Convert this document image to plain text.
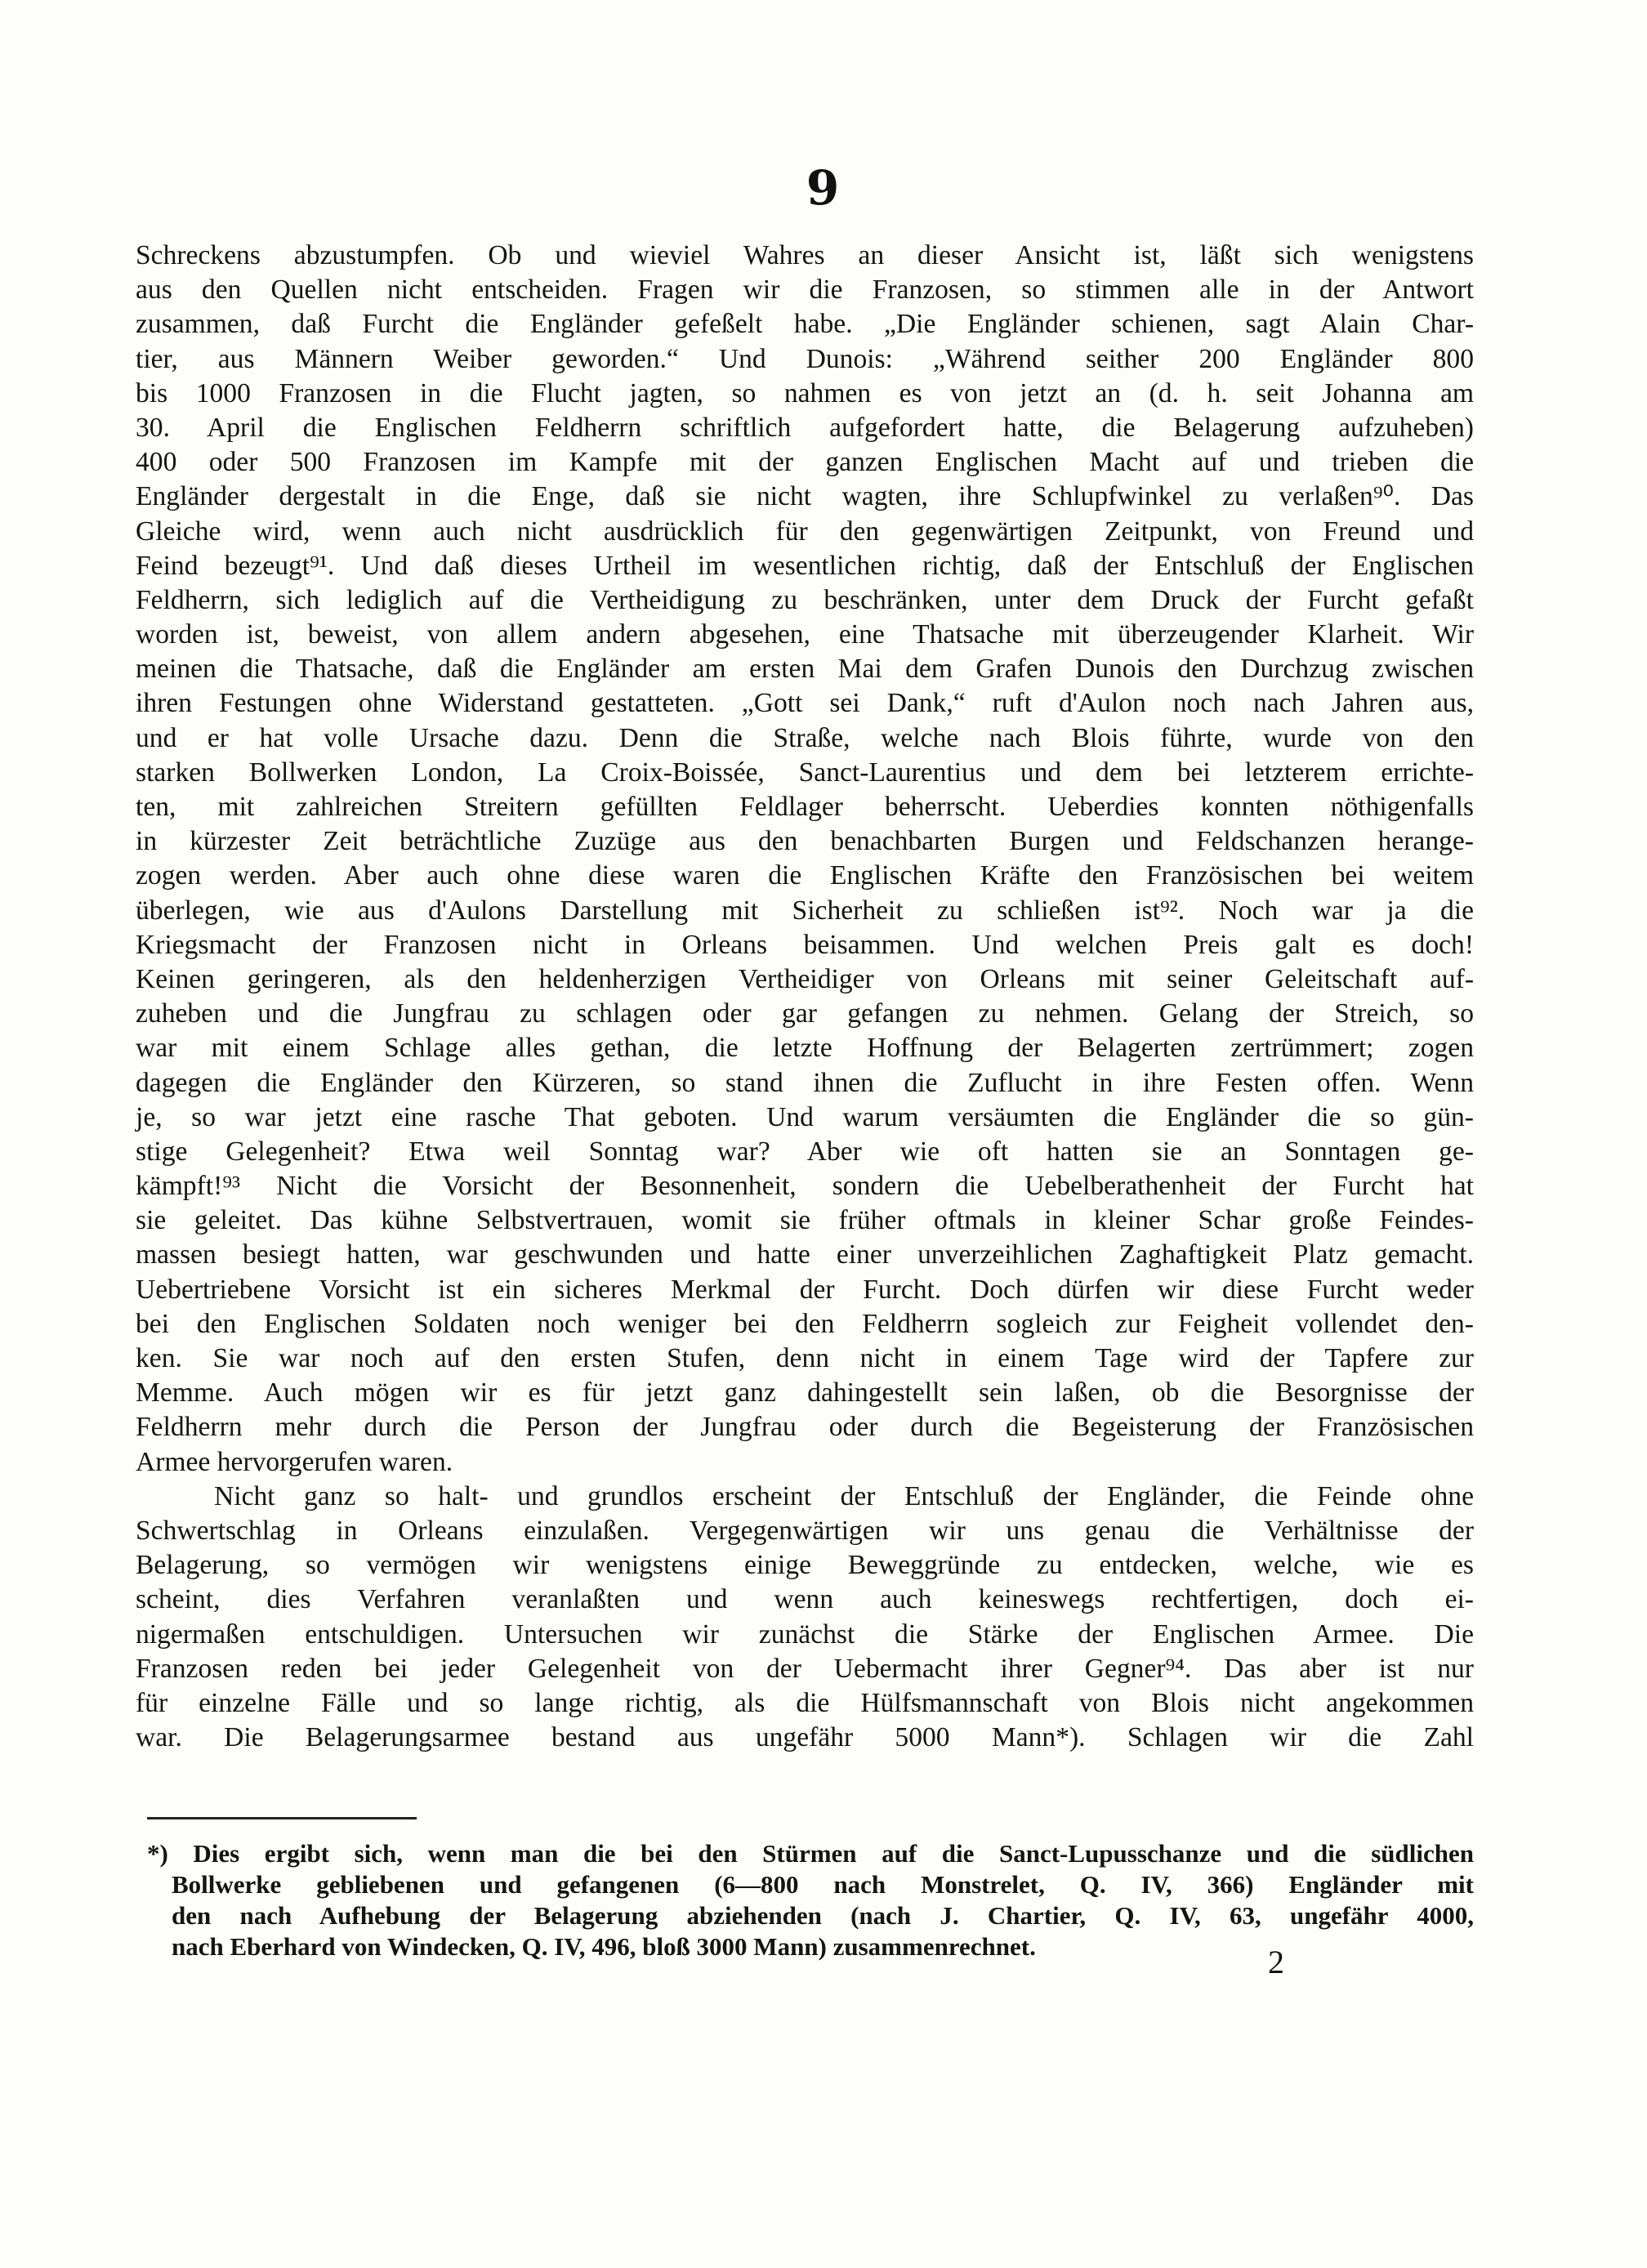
9
Schreckens abzustumpfen. Ob und wieviel Wahres an dieser Ansicht ist, läßt sich wenigstens
aus den Quellen nicht entscheiden. Fragen wir die Franzosen, so stimmen alle in der Antwort
zusammen, daß Furcht die Engländer gefeßelt habe. „Die Engländer schienen, sagt Alain Char-
tier, aus Männern Weiber geworden.“ Und Dunois: „Während seither 200 Engländer 800
bis 1000 Franzosen in die Flucht jagten, so nahmen es von jetzt an (d. h. seit Johanna am
30. April die Englischen Feldherrn schriftlich aufgefordert hatte, die Belagerung aufzuheben)
400 oder 500 Franzosen im Kampfe mit der ganzen Englischen Macht auf und trieben die
Engländer dergestalt in die Enge, daß sie nicht wagten, ihre Schlupfwinkel zu verlaßen⁹⁰. Das
Gleiche wird, wenn auch nicht ausdrücklich für den gegenwärtigen Zeitpunkt, von Freund und
Feind bezeugt⁹¹. Und daß dieses Urtheil im wesentlichen richtig, daß der Entschluß der Englischen
Feldherrn, sich lediglich auf die Vertheidigung zu beschränken, unter dem Druck der Furcht gefaßt
worden ist, beweist, von allem andern abgesehen, eine Thatsache mit überzeugender Klarheit. Wir
meinen die Thatsache, daß die Engländer am ersten Mai dem Grafen Dunois den Durchzug zwischen
ihren Festungen ohne Widerstand gestatteten. „Gott sei Dank,“ ruft d'Aulon noch nach Jahren aus,
und er hat volle Ursache dazu. Denn die Straße, welche nach Blois führte, wurde von den
starken Bollwerken London, La Croix-Boissée, Sanct-Laurentius und dem bei letzterem errichte-
ten, mit zahlreichen Streitern gefüllten Feldlager beherrscht. Ueberdies konnten nöthigenfalls
in kürzester Zeit beträchtliche Zuzüge aus den benachbarten Burgen und Feldschanzen herange-
zogen werden. Aber auch ohne diese waren die Englischen Kräfte den Französischen bei weitem
überlegen, wie aus d'Aulons Darstellung mit Sicherheit zu schließen ist⁹². Noch war ja die
Kriegsmacht der Franzosen nicht in Orleans beisammen. Und welchen Preis galt es doch!
Keinen geringeren, als den heldenherzigen Vertheidiger von Orleans mit seiner Geleitschaft auf-
zuheben und die Jungfrau zu schlagen oder gar gefangen zu nehmen. Gelang der Streich, so
war mit einem Schlage alles gethan, die letzte Hoffnung der Belagerten zertrümmert; zogen
dagegen die Engländer den Kürzeren, so stand ihnen die Zuflucht in ihre Festen offen. Wenn
je, so war jetzt eine rasche That geboten. Und warum versäumten die Engländer die so gün-
stige Gelegenheit? Etwa weil Sonntag war? Aber wie oft hatten sie an Sonntagen ge-
kämpft!⁹³ Nicht die Vorsicht der Besonnenheit, sondern die Uebelberathenheit der Furcht hat
sie geleitet. Das kühne Selbstvertrauen, womit sie früher oftmals in kleiner Schar große Feindes-
massen besiegt hatten, war geschwunden und hatte einer unverzeihlichen Zaghaftigkeit Platz gemacht.
Uebertriebene Vorsicht ist ein sicheres Merkmal der Furcht. Doch dürfen wir diese Furcht weder
bei den Englischen Soldaten noch weniger bei den Feldherrn sogleich zur Feigheit vollendet den-
ken. Sie war noch auf den ersten Stufen, denn nicht in einem Tage wird der Tapfere zur
Memme. Auch mögen wir es für jetzt ganz dahingestellt sein laßen, ob die Besorgnisse der
Feldherrn mehr durch die Person der Jungfrau oder durch die Begeisterung der Französischen
Armee hervorgerufen waren.
Nicht ganz so halt- und grundlos erscheint der Entschluß der Engländer, die Feinde ohne
Schwertschlag in Orleans einzulaßen. Vergegenwärtigen wir uns genau die Verhältnisse der
Belagerung, so vermögen wir wenigstens einige Beweggründe zu entdecken, welche, wie es
scheint, dies Verfahren veranlaßten und wenn auch keineswegs rechtfertigen, doch ei-
nigermaßen entschuldigen. Untersuchen wir zunächst die Stärke der Englischen Armee. Die
Franzosen reden bei jeder Gelegenheit von der Uebermacht ihrer Gegner⁹⁴. Das aber ist nur
für einzelne Fälle und so lange richtig, als die Hülfsmannschaft von Blois nicht angekommen
war. Die Belagerungsarmee bestand aus ungefähr 5000 Mann*). Schlagen wir die Zahl
*) Dies ergibt sich, wenn man die bei den Stürmen auf die Sanct-Lupusschanze und die südlichen
Bollwerke gebliebenen und gefangenen (6—800 nach Monstrelet, Q. IV, 366) Engländer mit
den nach Aufhebung der Belagerung abziehenden (nach J. Chartier, Q. IV, 63, ungefähr 4000,
nach Eberhard von Windecken, Q. IV, 496, bloß 3000 Mann) zusammenrechnet.	2
